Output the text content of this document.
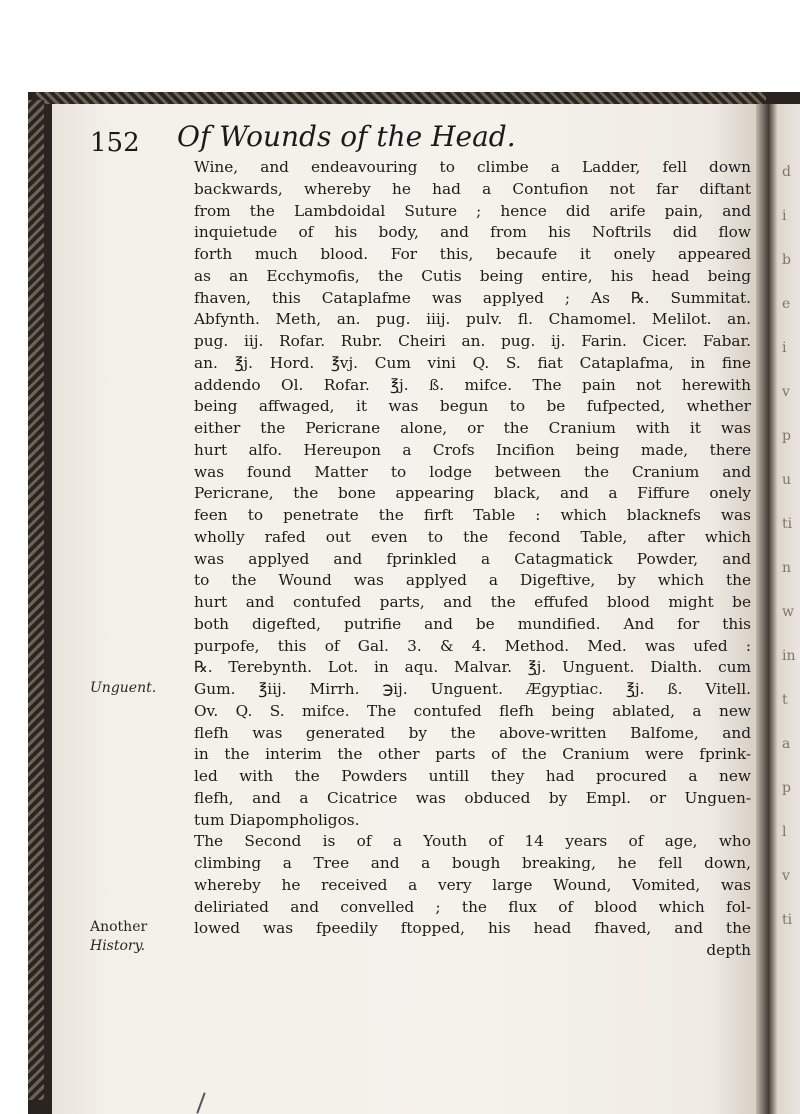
d
i
b
e
i
v
p
u
ti
n
w
in
t
a
p
l
v
ti
152 Of Wounds of the Head.
Unguent.
Another
History.
Wine, and endeavouring to climbe a Ladder, fell down
backwards, whereby he had a Contufion not far diftant
from the Lambdoidal Suture ; hence did arife pain, and
inquietude of his body, and from his Noftrils did flow
forth much blood. For this, becaufe it onely appeared
as an Ecchymofis, the Cutis being entire, his head being
fhaven, this Cataplafme was applyed ; As ℞. Summitat.
Abfynth. Meth, an. pug. iiij. pulv. fl. Chamomel. Melilot. an.
pug. iij. Rofar. Rubr. Cheiri an. pug. ij. Farin. Cicer. Fabar.
an. ℥j. Hord. ℥vj. Cum vini Q. S. fiat Cataplafma, in fine
addendo Ol. Rofar. ℥j. ß. mifce. The pain not herewith
being affwaged, it was begun to be fufpected, whether
either the Pericrane alone, or the Cranium with it was
hurt alfo. Hereupon a Crofs Incifion being made, there
was found Matter to lodge between the Cranium and
Pericrane, the bone appearing black, and a Fiffure onely
feen to penetrate the firft Table : which blacknefs was
wholly rafed out even to the fecond Table, after which
was applyed and fprinkled a Catagmatick Powder, and
to the Wound was applyed a Digeftive, by which the
hurt and contufed parts, and the effufed blood might be
both digefted, putrifie and be mundified. And for this
purpofe, this of Gal. 3. & 4. Method. Med. was ufed :
℞. Terebynth. Lot. in aqu. Malvar. ℥j. Unguent. Dialth. cum
Gum. ℥iij. Mirrh. ℈ij. Unguent. Ægyptiac. ℥j. ß. Vitell.
Ov. Q. S. mifce. The contufed flefh being ablated, a new
flefh was generated by the above-written Balfome, and
in the interim the other parts of the Cranium were fprink-
led with the Powders untill they had procured a new
flefh, and a Cicatrice was obduced by Empl. or Unguen-
tum Diapompholigos.
The Second is of a Youth of 14 years of age, who
climbing a Tree and a bough breaking, he fell down,
whereby he received a very large Wound, Vomited, was
deliriated and convelled ; the flux of blood which fol-
lowed was fpeedily ftopped, his head fhaved, and the
depth
